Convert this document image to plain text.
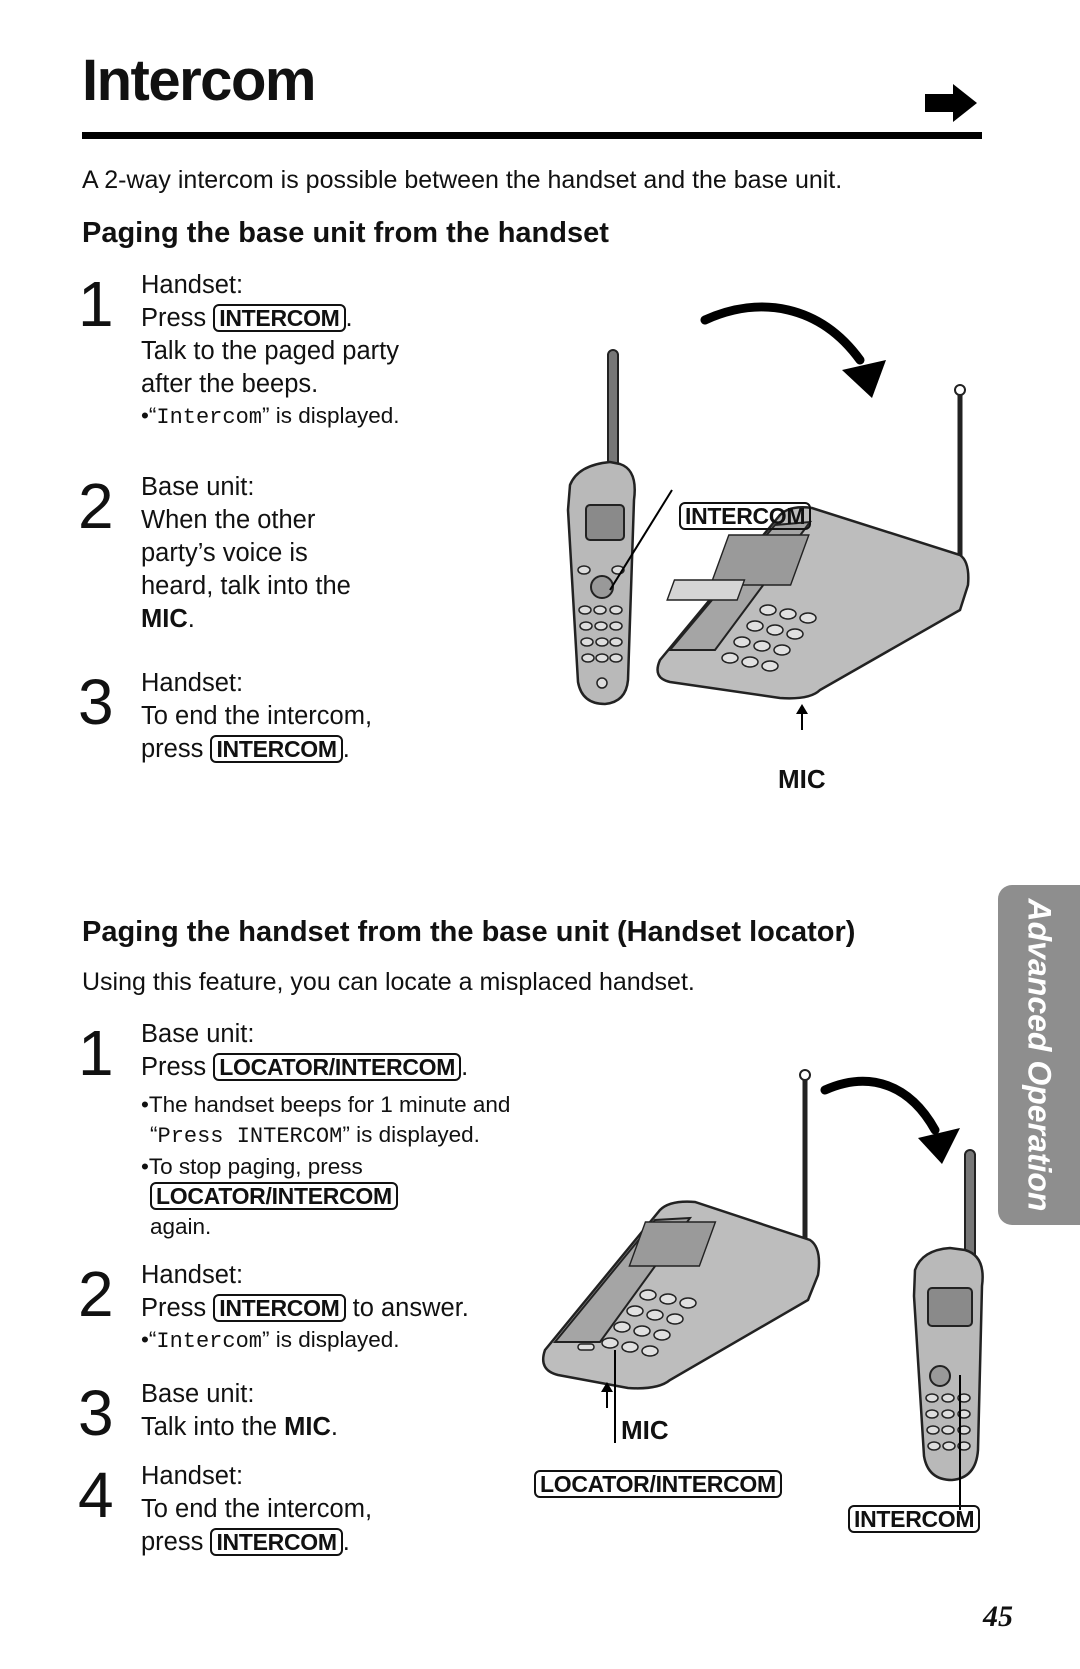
Intercom
A 2-way intercom is possible between the handset and the base unit.
Paging the base unit from the handset
1 Handset:

Press INTERCOM .

Talk to the paged party

after the beeps.

•“Intercom” is displayed.

2 Base unit:

When the other

party’s voice is

heard, talk into the

MIC.

3 Handset:

To end the intercom,

press INTERCOM .

INTERCOM
MIC
Paging the handset from the base unit (Handset locator)
Using this feature, you can locate a misplaced handset.
1 Base unit:

Press LOCATOR/INTERCOM .

•The handset beeps for 1 minute and
“Press INTERCOM” is displayed.
•To stop paging, press
LOCATOR/INTERCOM
again.
2 Handset:

Press INTERCOM to answer.

•“Intercom” is displayed.

3 Base unit:

Talk into the MIC.

4 Handset:

To end the intercom,

press INTERCOM .

MIC
LOCATOR/INTERCOM
INTERCOM
Advanced Operation
45
